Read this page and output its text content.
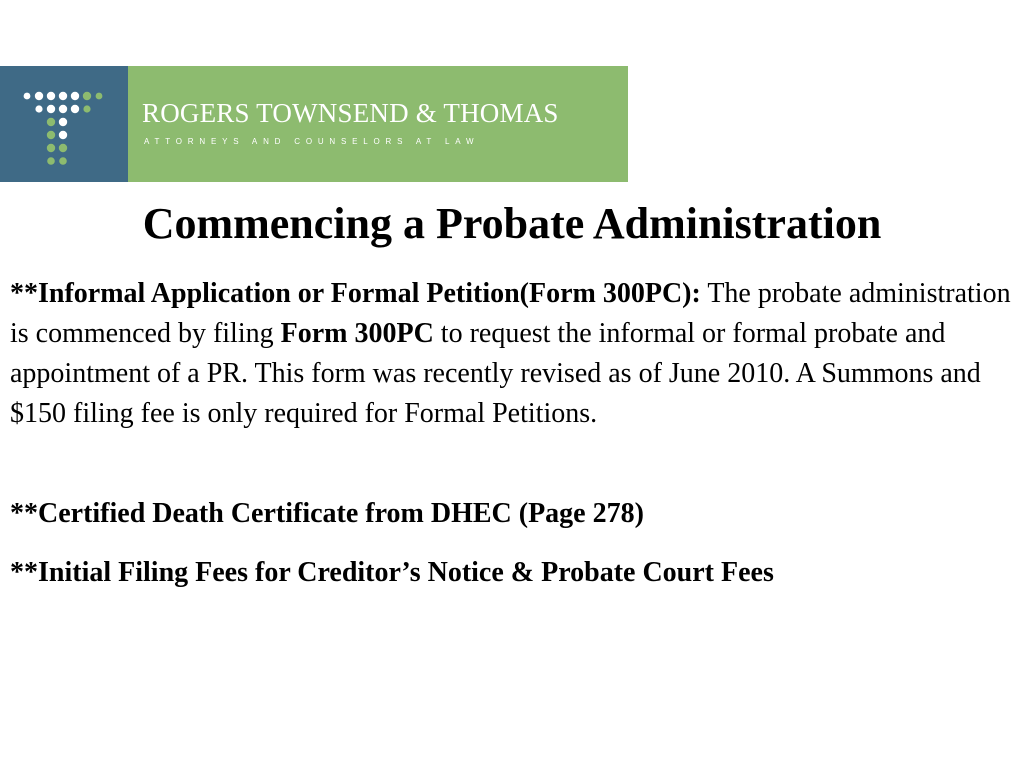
ROGERS TOWNSEND & THOMAS
ATTORNEYS AND COUNSELORS AT LAW
Commencing a Probate Administration

**Informal Application or Formal Petition(Form 300PC): The probate administration is commenced by filing Form 300PC to request the informal or formal probate and appointment of a PR. This form was recently revised as of June 2010. A Summons and $150 filing fee is only required for Formal Petitions.

**Certified Death Certificate from DHEC (Page 278)

**Initial Filing Fees for Creditor’s Notice & Probate Court Fees
